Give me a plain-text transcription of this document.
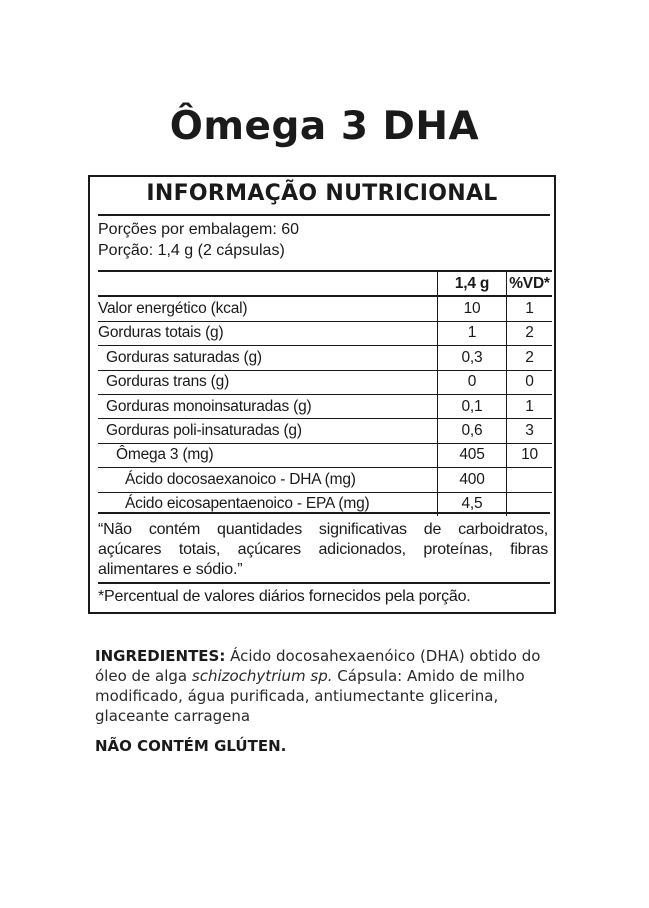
Ômega 3 DHA
INFORMAÇÃO NUTRICIONAL
Porções por embalagem: 60
Porção: 1,4 g (2 cápsulas)
	1,4 g	%VD*
Valor energético (kcal)	10	1
Gorduras totais (g)	1	2
Gorduras saturadas (g)	0,3	2
Gorduras trans (g)	0	0
Gorduras monoinsaturadas (g)	0,1	1
Gorduras poli-insaturadas (g)	0,6	3
Ômega 3 (mg)	405	10
Ácido docosaexanoico - DHA (mg)	400	
Ácido eicosapentaenoico - EPA (mg)	4,5	
“Não contém quantidades significativas de carboidratos, açúcares totais, açúcares adicionados, proteínas, fibras alimentares e sódio.”
*Percentual de valores diários fornecidos pela porção.
INGREDIENTES: Ácido docosahexaenóico (DHA) obtido do óleo de alga schizochytrium sp. Cápsula: Amido de milho modificado, água purificada, antiumectante glicerina, glaceante carragena
NÃO CONTÉM GLÚTEN.
